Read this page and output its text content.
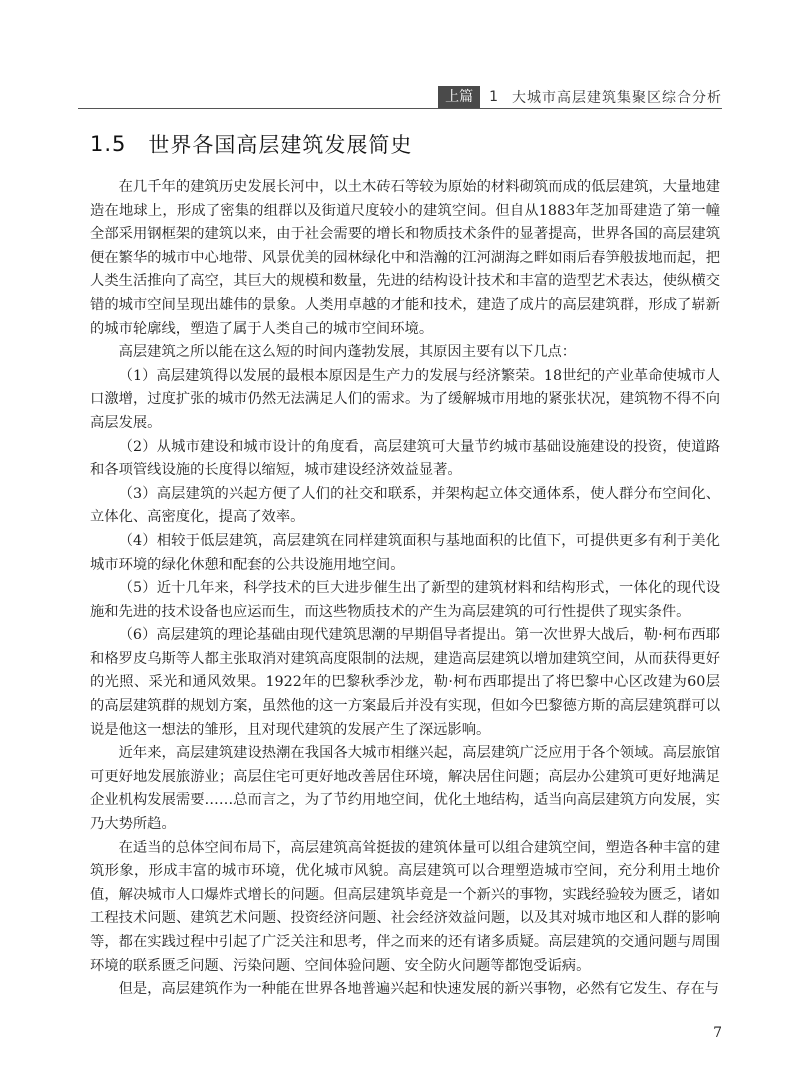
上篇	1 大城市高层建筑集聚区综合分析
1.5 世界各国高层建筑发展简史

在几千年的建筑历史发展长河中，以土木砖石等较为原始的材料砌筑而成的低层建筑，大量地建造在地球上，形成了密集的组群以及街道尺度较小的建筑空间。但自从1883年芝加哥建造了第一幢全部采用钢框架的建筑以来，由于社会需要的增长和物质技术条件的显著提高，世界各国的高层建筑便在繁华的城市中心地带、风景优美的园林绿化中和浩瀚的江河湖海之畔如雨后春笋般拔地而起，把人类生活推向了高空，其巨大的规模和数量，先进的结构设计技术和丰富的造型艺术表达，使纵横交错的城市空间呈现出雄伟的景象。人类用卓越的才能和技术，建造了成片的高层建筑群，形成了崭新的城市轮廓线，塑造了属于人类自己的城市空间环境。

高层建筑之所以能在这么短的时间内蓬勃发展，其原因主要有以下几点：

（1）高层建筑得以发展的最根本原因是生产力的发展与经济繁荣。18世纪的产业革命使城市人口激增，过度扩张的城市仍然无法满足人们的需求。为了缓解城市用地的紧张状况，建筑物不得不向高层发展。

（2）从城市建设和城市设计的角度看，高层建筑可大量节约城市基础设施建设的投资，使道路和各项管线设施的长度得以缩短，城市建设经济效益显著。

（3）高层建筑的兴起方便了人们的社交和联系，并架构起立体交通体系，使人群分布空间化、立体化、高密度化，提高了效率。

（4）相较于低层建筑，高层建筑在同样建筑面积与基地面积的比值下，可提供更多有利于美化城市环境的绿化休憩和配套的公共设施用地空间。

（5）近十几年来，科学技术的巨大进步催生出了新型的建筑材料和结构形式，一体化的现代设施和先进的技术设备也应运而生，而这些物质技术的产生为高层建筑的可行性提供了现实条件。

（6）高层建筑的理论基础由现代建筑思潮的早期倡导者提出。第一次世界大战后，勒·柯布西耶和格罗皮乌斯等人都主张取消对建筑高度限制的法规，建造高层建筑以增加建筑空间，从而获得更好的光照、采光和通风效果。1922年的巴黎秋季沙龙，勒·柯布西耶提出了将巴黎中心区改建为60层的高层建筑群的规划方案，虽然他的这一方案最后并没有实现，但如今巴黎德方斯的高层建筑群可以说是他这一想法的雏形，且对现代建筑的发展产生了深远影响。

近年来，高层建筑建设热潮在我国各大城市相继兴起，高层建筑广泛应用于各个领域。高层旅馆可更好地发展旅游业；高层住宅可更好地改善居住环境，解决居住问题；高层办公建筑可更好地满足企业机构发展需要……总而言之，为了节约用地空间，优化土地结构，适当向高层建筑方向发展，实乃大势所趋。

在适当的总体空间布局下，高层建筑高耸挺拔的建筑体量可以组合建筑空间，塑造各种丰富的建筑形象，形成丰富的城市环境，优化城市风貌。高层建筑可以合理塑造城市空间，充分利用土地价值，解决城市人口爆炸式增长的问题。但高层建筑毕竟是一个新兴的事物，实践经验较为匮乏，诸如工程技术问题、建筑艺术问题、投资经济问题、社会经济效益问题，以及其对城市地区和人群的影响等，都在实践过程中引起了广泛关注和思考，伴之而来的还有诸多质疑。高层建筑的交通问题与周围环境的联系匮乏问题、污染问题、空间体验问题、安全防火问题等都饱受诟病。

但是，高层建筑作为一种能在世界各地普遍兴起和快速发展的新兴事物，必然有它发生、存在与

7
